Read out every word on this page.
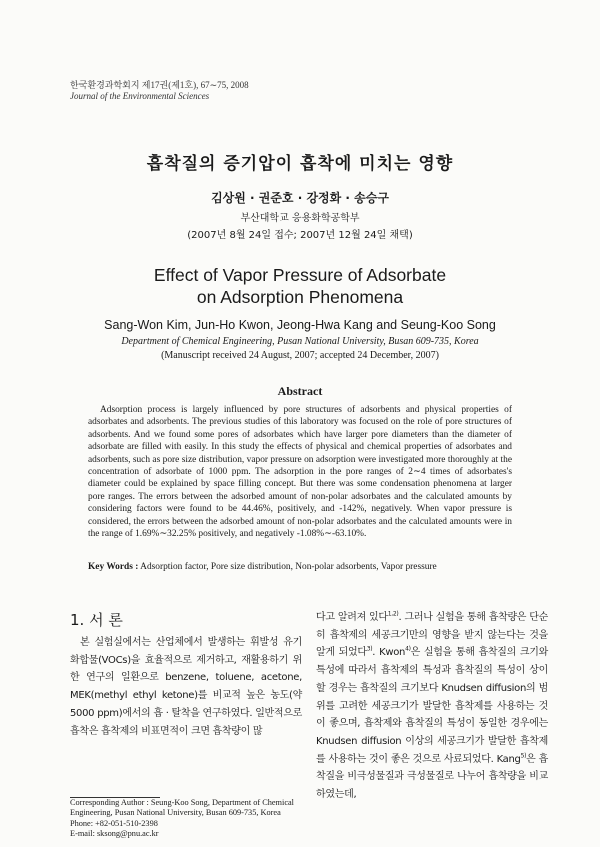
한국환경과학회지 제17권(제1호), 67∼75, 2008
Journal of the Environmental Sciences
흡착질의 증기압이 흡착에 미치는 영향
김상원 · 권준호 · 강정화 · 송승구
부산대학교 응용화학공학부
(2007년 8월 24일 접수; 2007년 12월 24일 채택)
Effect of Vapor Pressure of Adsorbate
on Adsorption Phenomena
Sang-Won Kim, Jun-Ho Kwon, Jeong-Hwa Kang and Seung-Koo Song
Department of Chemical Engineering, Pusan National University, Busan 609-735, Korea
(Manuscript received 24 August, 2007; accepted 24 December, 2007)
Abstract
Adsorption process is largely influenced by pore structures of adsorbents and physical properties of adsorbates and adsorbents. The previous studies of this laboratory was focused on the role of pore structures of adsorbents. And we found some pores of adsorbates which have larger pore diameters than the diameter of adsorbate are filled with easily. In this study the effects of physical and chemical properties of adsorbates and adsorbents, such as pore size distribution, vapor pressure on adsorption were investigated more thoroughly at the concentration of adsorbate of 1000 ppm. The adsorption in the pore ranges of 2∼4 times of adsorbates's diameter could be explained by space filling concept. But there was some condensation phenomena at larger pore ranges. The errors between the adsorbed amount of non-polar adsorbates and the calculated amounts by considering factors were found to be 44.46%, positively, and -142%, negatively. When vapor pressure is considered, the errors between the adsorbed amount of non-polar adsorbates and the calculated amounts were in the range of 1.69%∼32.25% positively, and negatively -1.08%∼-63.10%.
Key Words : Adsorption factor, Pore size distribution, Non-polar adsorbents, Vapor pressure
1. 서 론
본 실험실에서는 산업체에서 발생하는 휘발성 유기 화합물(VOCs)을 효율적으로 제거하고, 재활용하기 위한 연구의 일환으로 benzene, toluene, acetone, MEK(methyl ethyl ketone)를 비교적 높은 농도(약 5000 ppm)에서의 흡 · 탈착을 연구하였다. 일반적으로 흡착은 흡착제의 비표면적이 크면 흡착량이 많
다고 알려져 있다$^{1,2)}$. 그러나 실험을 통해 흡착량은 단순히 흡착제의 세공크기만의 영향을 받지 않는다는 것을 알게 되었다$^{3)}$. Kwon$^{4)}$은 실험을 통해 흡착질의 크기와 특성에 따라서 흡착제의 특성과 흡착질의 특성이 상이할 경우는 흡착질의 크기보다 Knudsen diffusion의 범위를 고려한 세공크기가 발달한 흡착제를 사용하는 것이 좋으며, 흡착제와 흡착질의 특성이 동일한 경우에는 Knudsen diffusion 이상의 세공크기가 발달한 흡착제를 사용하는 것이 좋은 것으로 사료되었다. Kang$^{5)}$은 흡착질을 비극성물질과 극성물질로 나누어 흡착량을 비교하였는데,
Corresponding Author : Seung-Koo Song, Department of Chemical Engineering, Pusan National University, Busan 609-735, Korea
Phone: +82-051-510-2398
E-mail: sksong@pnu.ac.kr
